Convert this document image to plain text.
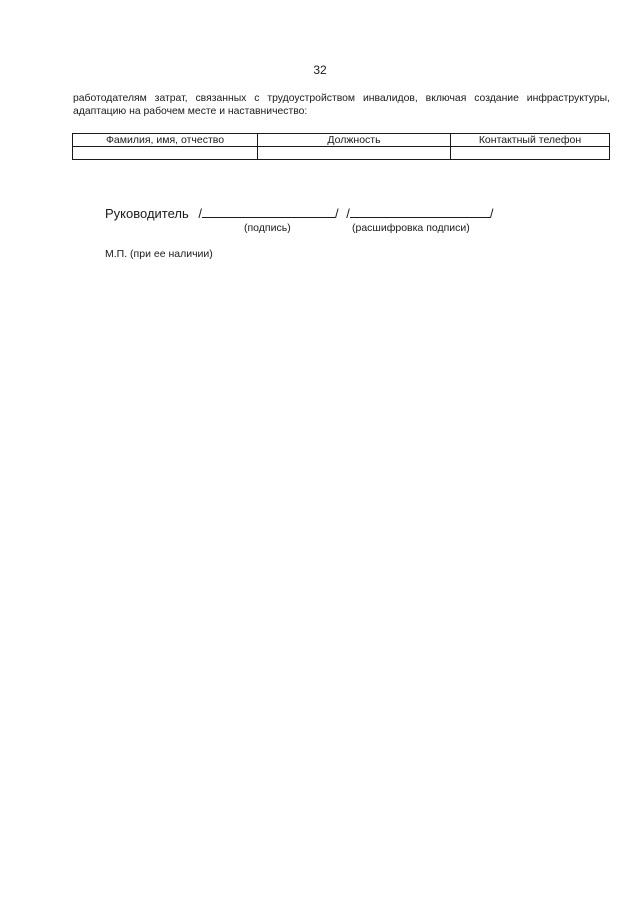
32

работодателям затрат, связанных с трудоустройством инвалидов, включая создание инфраструктуры, адаптацию на рабочем месте и наставничество:

Фамилия, имя, отчество	Должность	Контактный телефон

Руководитель /	/ /	/
(подпись)	(расшифровка подписи)
М.П. (при ее наличии)
